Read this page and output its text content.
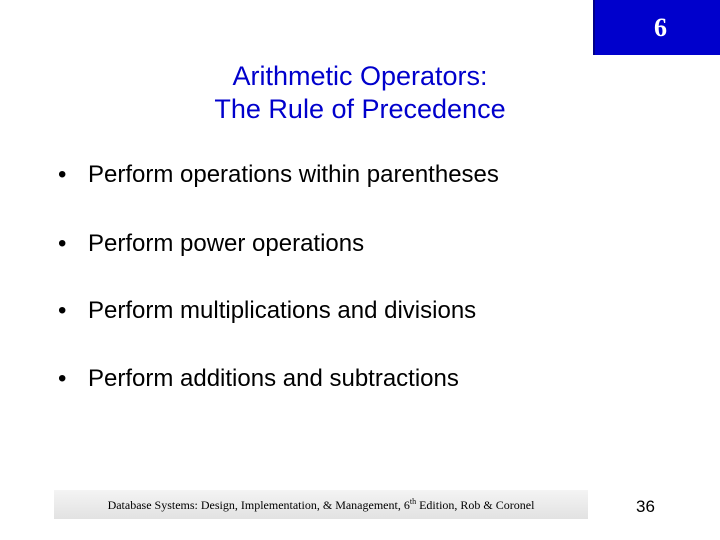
6
Arithmetic Operators:
The Rule of Precedence
• Perform operations within parentheses
• Perform power operations
• Perform multiplications and divisions
• Perform additions and subtractions
Database Systems: Design, Implementation, & Management, 6th Edition, Rob & Coronel	36
